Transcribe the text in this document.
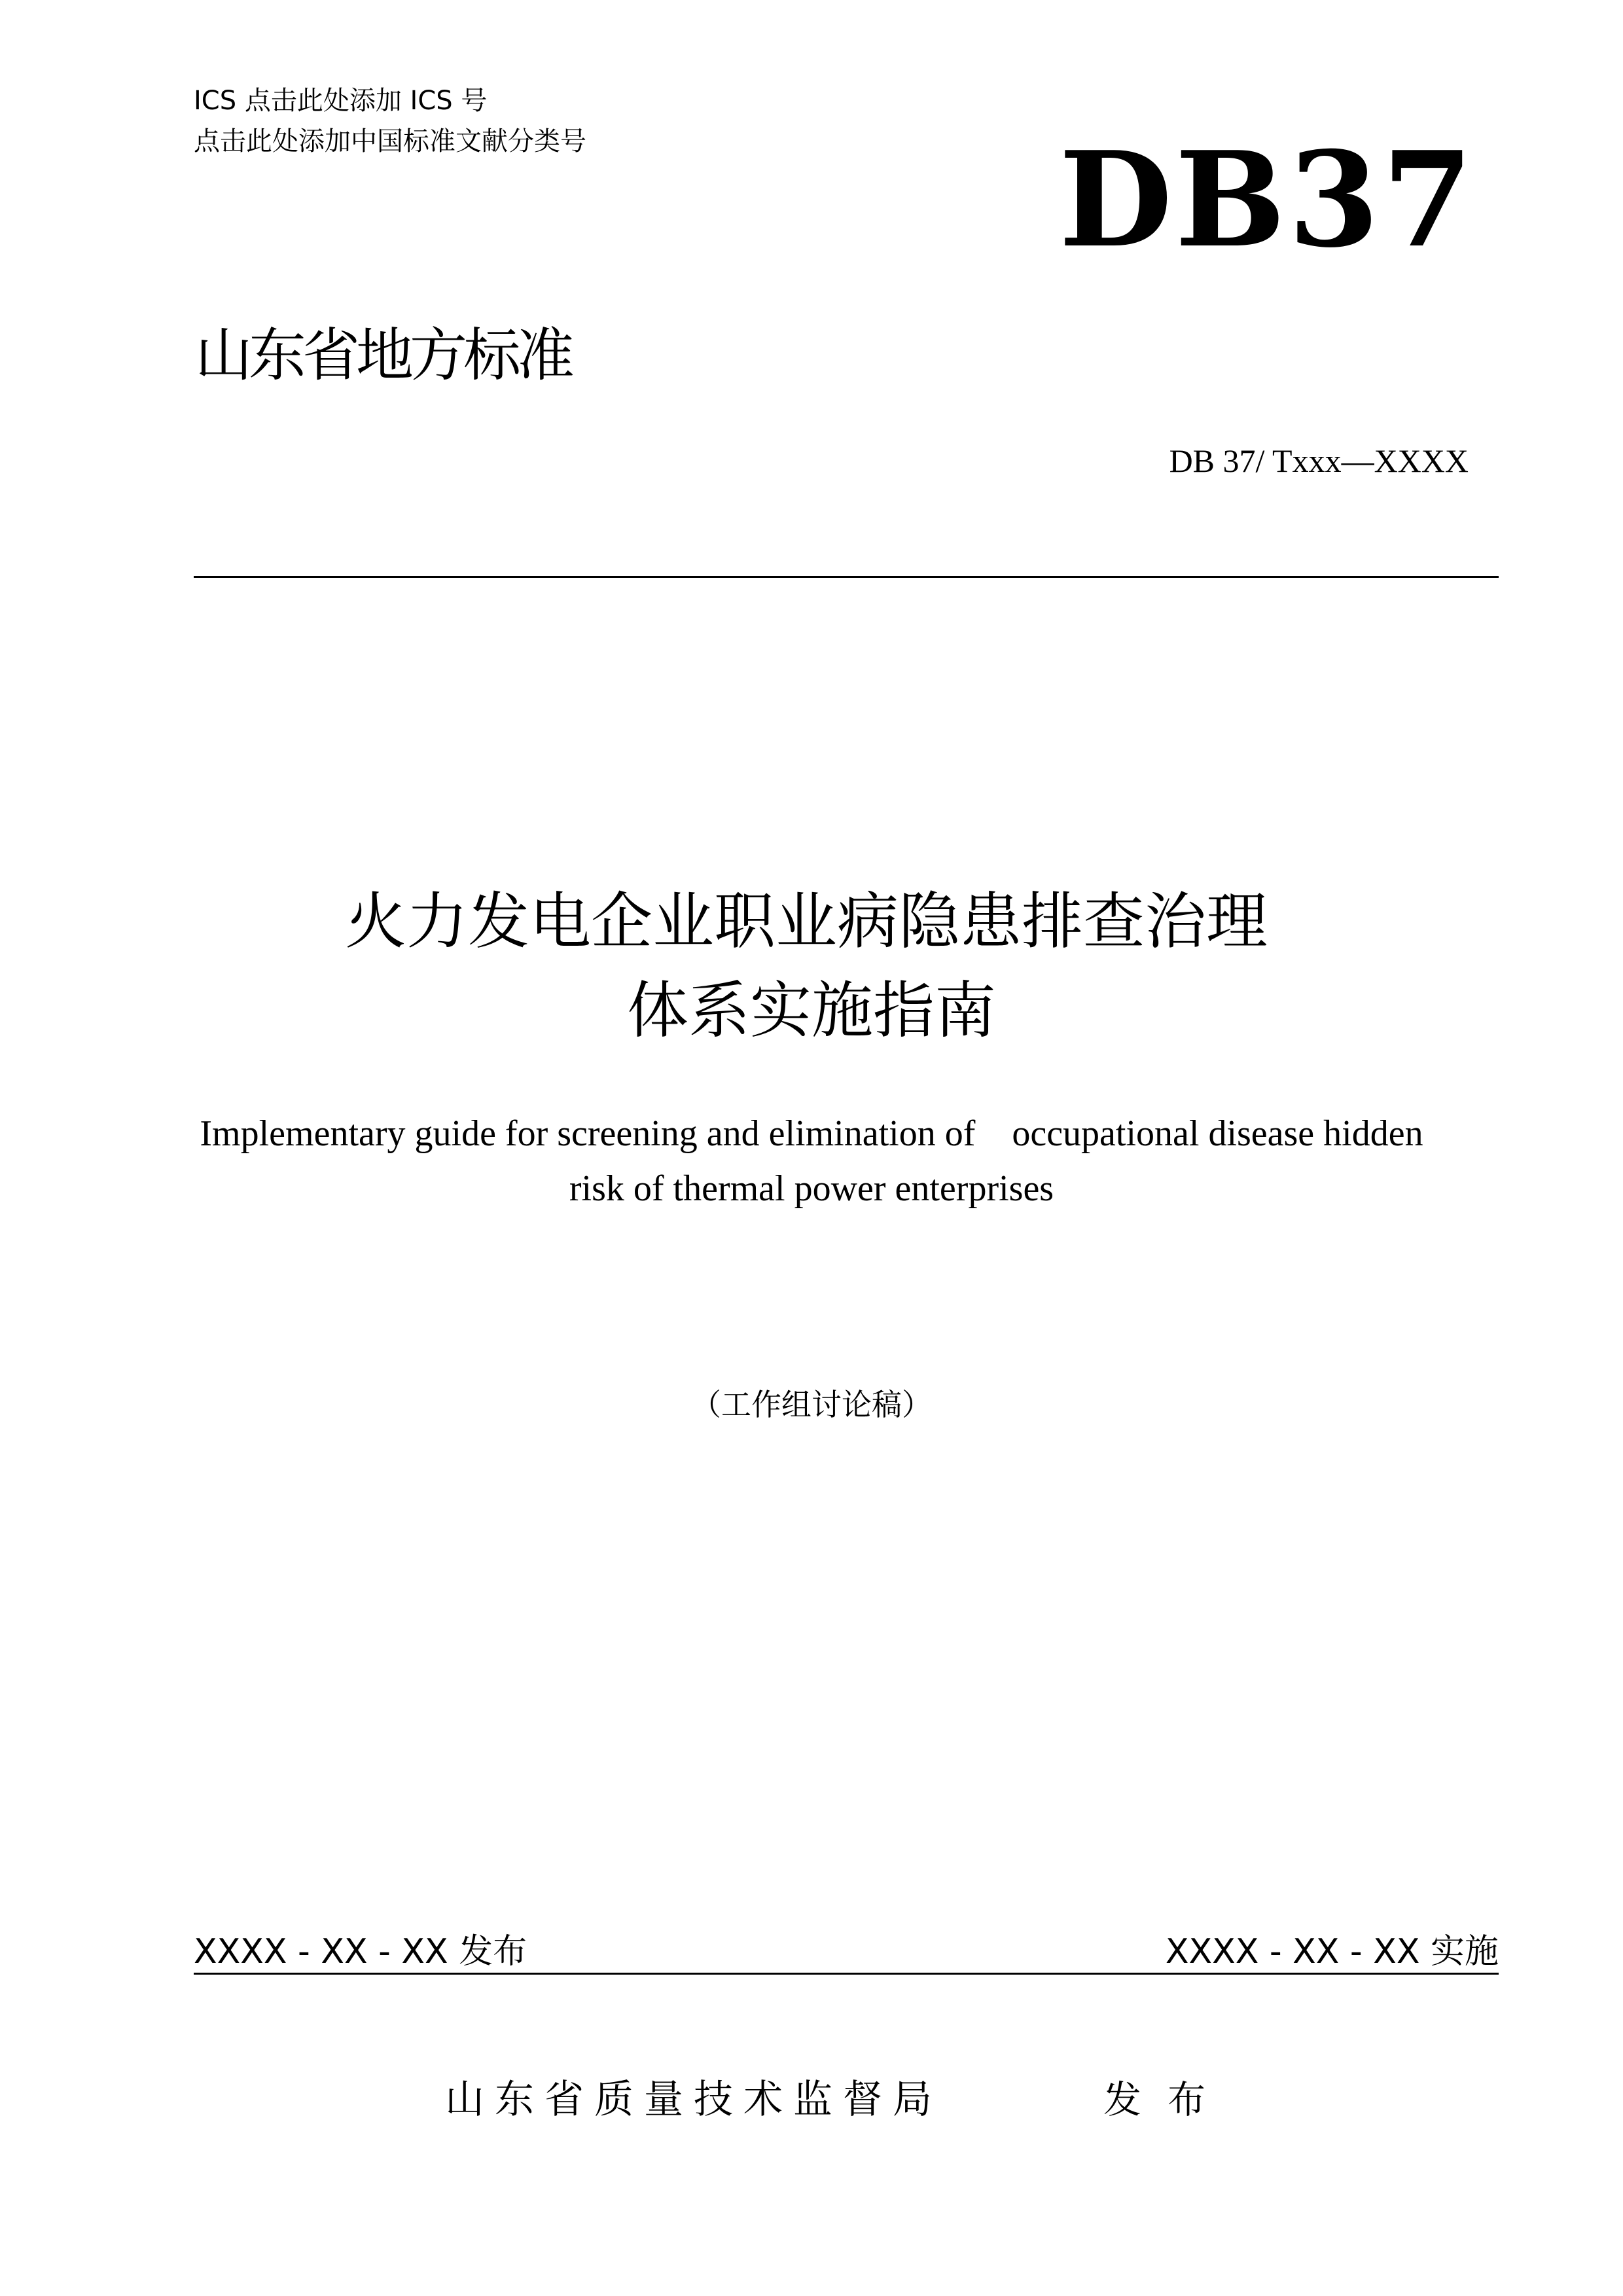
ICS 点击此处添加 ICS 号

点击此处添加中国标准文献分类号	DB37

山东省地方标准

DB 37/ Txxx—XXXX

火力发电企业职业病隐患排查治理

体系实施指南

Implementary guide for screening and elimination of    occupational disease hidden

risk of thermal power enterprises

（工作组讨论稿）

XXXX - XX - XX 发布	XXXX - XX - XX 实施

山东省质量技术监督局	发布
